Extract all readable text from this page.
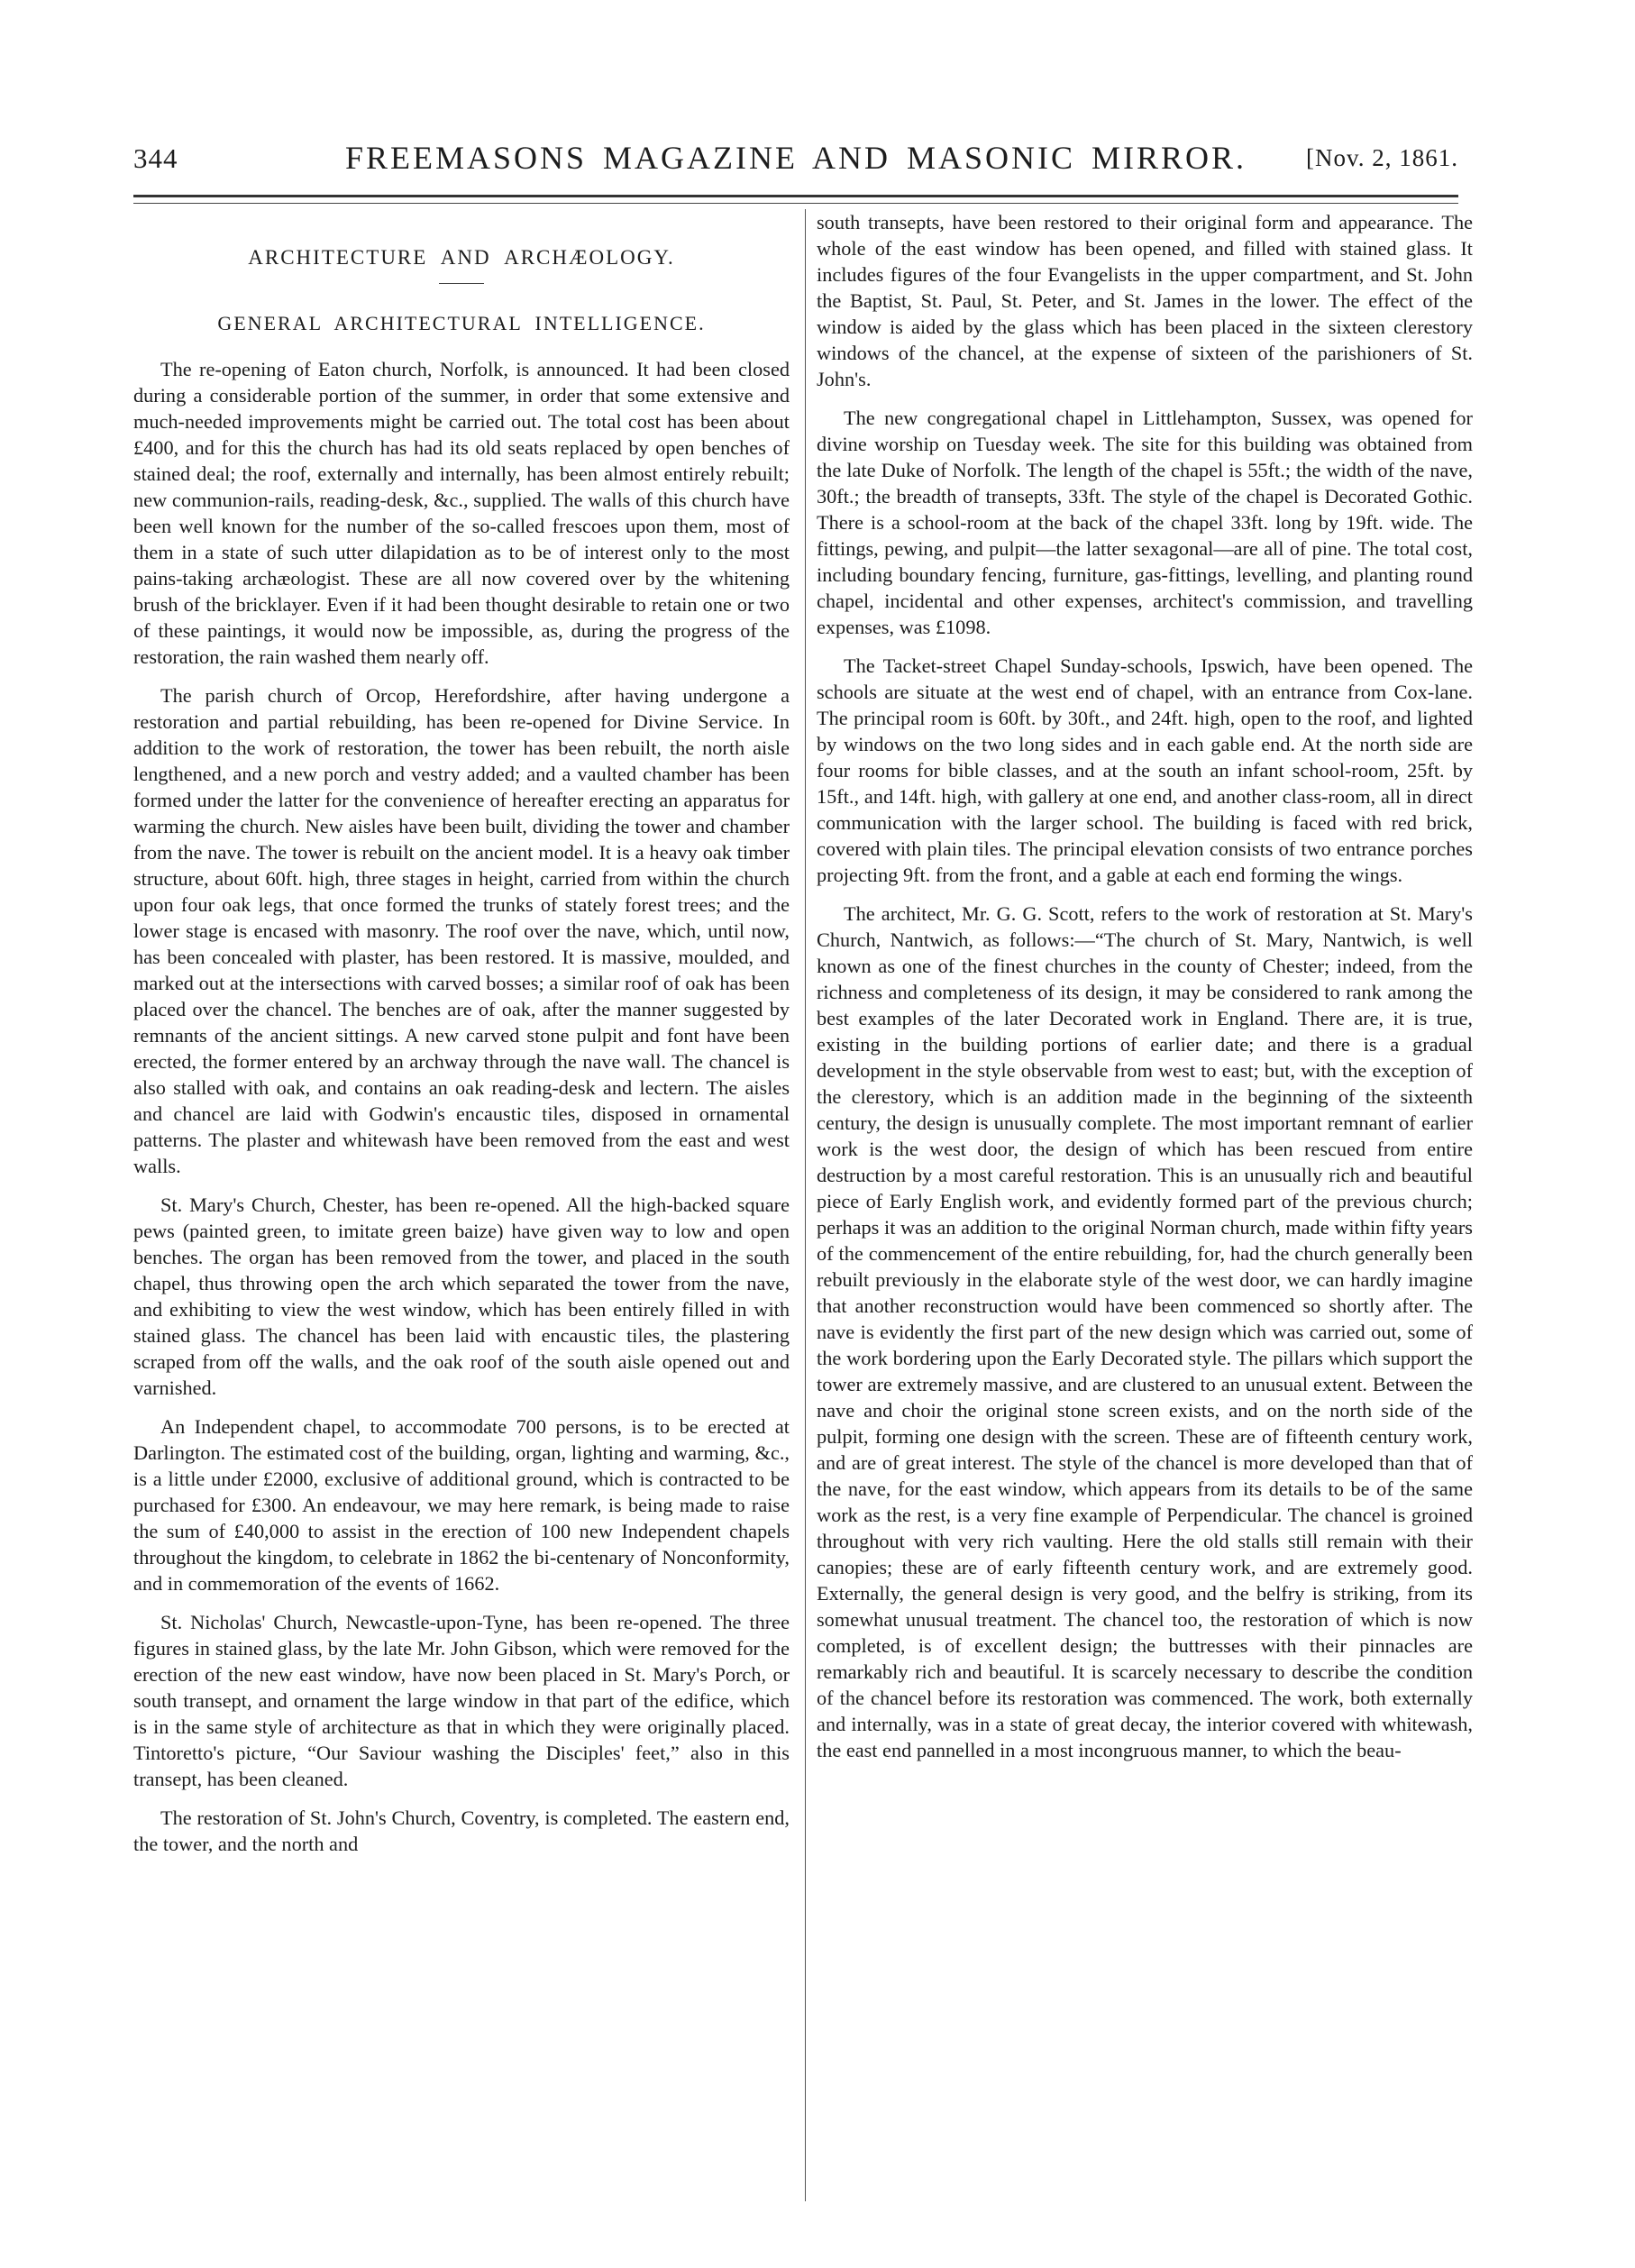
344	FREEMASONS MAGAZINE AND MASONIC MIRROR.	[Nov. 2, 1861.
ARCHITECTURE AND ARCHÆOLOGY.
GENERAL ARCHITECTURAL INTELLIGENCE.

The re-opening of Eaton church, Norfolk, is announced. It had been closed during a considerable portion of the summer, in order that some extensive and much-needed improvements might be carried out. The total cost has been about £400, and for this the church has had its old seats replaced by open benches of stained deal; the roof, externally and internally, has been almost entirely rebuilt; new communion-rails, reading-desk, &c., supplied. The walls of this church have been well known for the number of the so-called frescoes upon them, most of them in a state of such utter dilapidation as to be of interest only to the most pains-taking archæologist. These are all now covered over by the whitening brush of the bricklayer. Even if it had been thought desirable to retain one or two of these paintings, it would now be impossible, as, during the progress of the restoration, the rain washed them nearly off.

The parish church of Orcop, Herefordshire, after having undergone a restoration and partial rebuilding, has been re-opened for Divine Service. In addition to the work of restoration, the tower has been rebuilt, the north aisle lengthened, and a new porch and vestry added; and a vaulted chamber has been formed under the latter for the convenience of hereafter erecting an apparatus for warming the church. New aisles have been built, dividing the tower and chamber from the nave. The tower is rebuilt on the ancient model. It is a heavy oak timber structure, about 60ft. high, three stages in height, carried from within the church upon four oak legs, that once formed the trunks of stately forest trees; and the lower stage is encased with masonry. The roof over the nave, which, until now, has been concealed with plaster, has been restored. It is massive, moulded, and marked out at the intersections with carved bosses; a similar roof of oak has been placed over the chancel. The benches are of oak, after the manner suggested by remnants of the ancient sittings. A new carved stone pulpit and font have been erected, the former entered by an archway through the nave wall. The chancel is also stalled with oak, and contains an oak reading-desk and lectern. The aisles and chancel are laid with Godwin's encaustic tiles, disposed in ornamental patterns. The plaster and whitewash have been removed from the east and west walls.

St. Mary's Church, Chester, has been re-opened. All the high-backed square pews (painted green, to imitate green baize) have given way to low and open benches. The organ has been removed from the tower, and placed in the south chapel, thus throwing open the arch which separated the tower from the nave, and exhibiting to view the west window, which has been entirely filled in with stained glass. The chancel has been laid with encaustic tiles, the plastering scraped from off the walls, and the oak roof of the south aisle opened out and varnished.

An Independent chapel, to accommodate 700 persons, is to be erected at Darlington. The estimated cost of the building, organ, lighting and warming, &c., is a little under £2000, exclusive of additional ground, which is contracted to be purchased for £300. An endeavour, we may here remark, is being made to raise the sum of £40,000 to assist in the erection of 100 new Independent chapels throughout the kingdom, to celebrate in 1862 the bi-centenary of Nonconformity, and in commemoration of the events of 1662.

St. Nicholas' Church, Newcastle-upon-Tyne, has been re-opened. The three figures in stained glass, by the late Mr. John Gibson, which were removed for the erection of the new east window, have now been placed in St. Mary's Porch, or south transept, and ornament the large window in that part of the edifice, which is in the same style of architecture as that in which they were originally placed. Tintoretto's picture, “Our Saviour washing the Disciples' feet,” also in this transept, has been cleaned.

The restoration of St. John's Church, Coventry, is completed. The eastern end, the tower, and the north and

south transepts, have been restored to their original form and appearance. The whole of the east window has been opened, and filled with stained glass. It includes figures of the four Evangelists in the upper compartment, and St. John the Baptist, St. Paul, St. Peter, and St. James in the lower. The effect of the window is aided by the glass which has been placed in the sixteen clerestory windows of the chancel, at the expense of sixteen of the parishioners of St. John's.

The new congregational chapel in Littlehampton, Sussex, was opened for divine worship on Tuesday week. The site for this building was obtained from the late Duke of Norfolk. The length of the chapel is 55ft.; the width of the nave, 30ft.; the breadth of transepts, 33ft. The style of the chapel is Decorated Gothic. There is a school-room at the back of the chapel 33ft. long by 19ft. wide. The fittings, pewing, and pulpit—the latter sexagonal—are all of pine. The total cost, including boundary fencing, furniture, gas-fittings, levelling, and planting round chapel, incidental and other expenses, architect's commission, and travelling expenses, was £1098.

The Tacket-street Chapel Sunday-schools, Ipswich, have been opened. The schools are situate at the west end of chapel, with an entrance from Cox-lane. The principal room is 60ft. by 30ft., and 24ft. high, open to the roof, and lighted by windows on the two long sides and in each gable end. At the north side are four rooms for bible classes, and at the south an infant school-room, 25ft. by 15ft., and 14ft. high, with gallery at one end, and another class-room, all in direct communication with the larger school. The building is faced with red brick, covered with plain tiles. The principal elevation consists of two entrance porches projecting 9ft. from the front, and a gable at each end forming the wings.

The architect, Mr. G. G. Scott, refers to the work of restoration at St. Mary's Church, Nantwich, as follows:—“The church of St. Mary, Nantwich, is well known as one of the finest churches in the county of Chester; indeed, from the richness and completeness of its design, it may be considered to rank among the best examples of the later Decorated work in England. There are, it is true, existing in the building portions of earlier date; and there is a gradual development in the style observable from west to east; but, with the exception of the clerestory, which is an addition made in the beginning of the sixteenth century, the design is unusually complete. The most important remnant of earlier work is the west door, the design of which has been rescued from entire destruction by a most careful restoration. This is an unusually rich and beautiful piece of Early English work, and evidently formed part of the previous church; perhaps it was an addition to the original Norman church, made within fifty years of the commencement of the entire rebuilding, for, had the church generally been rebuilt previously in the elaborate style of the west door, we can hardly imagine that another reconstruction would have been commenced so shortly after. The nave is evidently the first part of the new design which was carried out, some of the work bordering upon the Early Decorated style. The pillars which support the tower are extremely massive, and are clustered to an unusual extent. Between the nave and choir the original stone screen exists, and on the north side of the pulpit, forming one design with the screen. These are of fifteenth century work, and are of great interest. The style of the chancel is more developed than that of the nave, for the east window, which appears from its details to be of the same work as the rest, is a very fine example of Perpendicular. The chancel is groined throughout with very rich vaulting. Here the old stalls still remain with their canopies; these are of early fifteenth century work, and are extremely good. Externally, the general design is very good, and the belfry is striking, from its somewhat unusual treatment. The chancel too, the restoration of which is now completed, is of excellent design; the buttresses with their pinnacles are remarkably rich and beautiful. It is scarcely necessary to describe the condition of the chancel before its restoration was commenced. The work, both externally and internally, was in a state of great decay, the interior covered with whitewash, the east end pannelled in a most incongruous manner, to which the beau-
